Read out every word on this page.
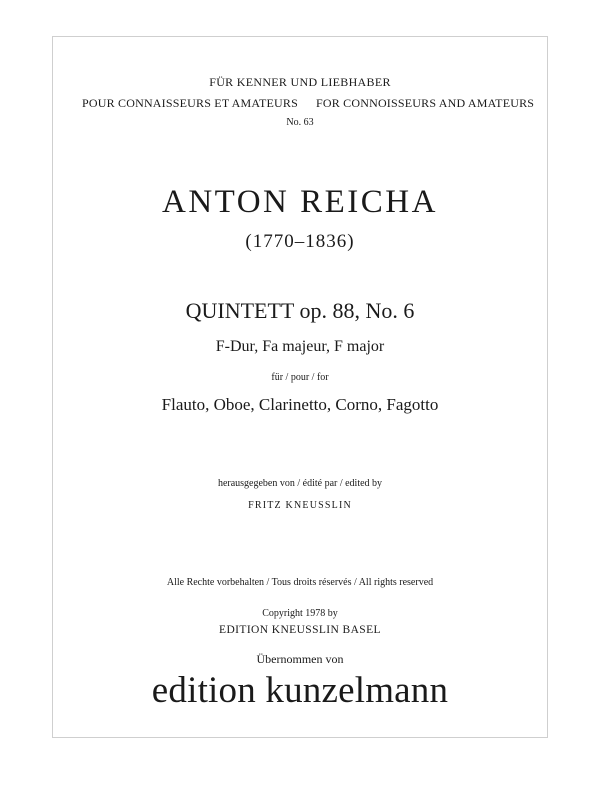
FÜR KENNER UND LIEBHABER
POUR CONNAISSEURS ET AMATEURS FOR CONNOISSEURS AND AMATEURS
No. 63
ANTON REICHA
(1770–1836)
QUINTETT op. 88, No. 6
F-Dur, Fa majeur, F major
für / pour / for
Flauto, Oboe, Clarinetto, Corno, Fagotto
herausgegeben von / édité par / edited by
FRITZ KNEUSSLIN
Alle Rechte vorbehalten / Tous droits réservés / All rights reserved
Copyright 1978 by
EDITION KNEUSSLIN BASEL
Übernommen von
edition kunzelmann
